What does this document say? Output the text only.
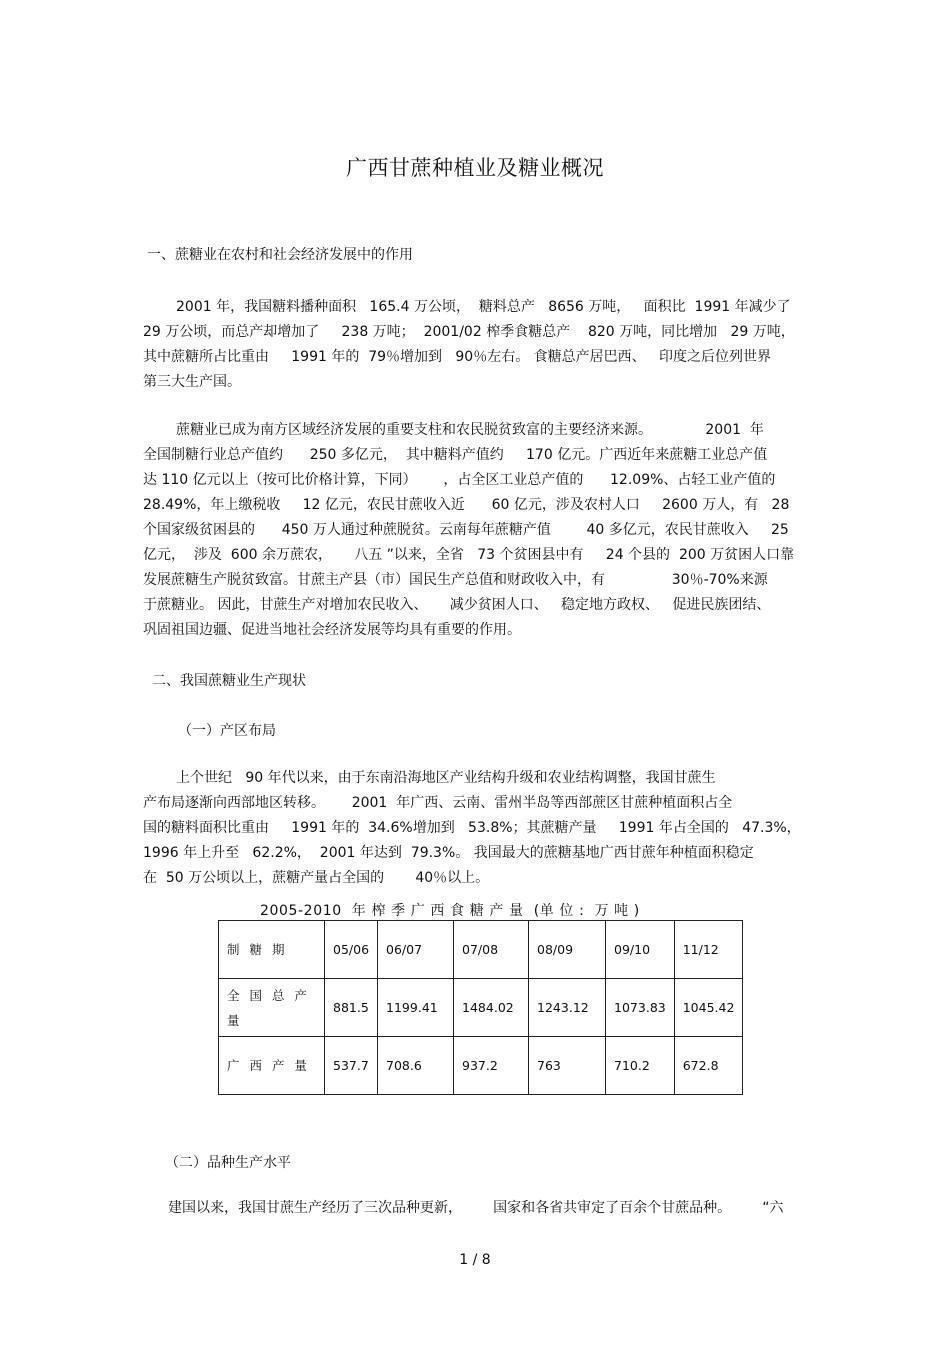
广西甘蔗种植业及糖业概况
一、蔗糖业在农村和社会经济发展中的作用
2001 年，我国糖料播种面积   165.4 万公顷，  糖料总产   8656 万吨，   面积比  1991 年减少了
29 万公顷，而总产却增加了     238 万吨；  2001/02 榨季食糖总产    820 万吨，同比增加   29 万吨，
其中蔗糖所占比重由     1991 年的  79％增加到   90％左右。 食糖总产居巴西、   印度之后位列世界
第三大生产国。
蔗糖业已成为南方区域经济发展的重要支柱和农民脱贫致富的主要经济来源。            2001  年
全国制糖行业总产值约      250 多亿元，  其中糖料产值约     170 亿元。广西近年来蔗糖工业总产值
达 110 亿元以上（按可比价格计算，下同）      ，占全区工业总产值的      12.09%、占轻工业产值的
28.49%，年上缴税收     12 亿元，农民甘蔗收入近      60 亿元，涉及农村人口     2600 万人，有   28
个国家级贫困县的      450 万人通过种蔗脱贫。云南每年蔗糖产值        40 多亿元，农民甘蔗收入     25
亿元，  涉及  600 余万蔗农，     八五 ”以来，全省   73 个贫困县中有     24 个县的  200 万贫困人口靠
发展蔗糖生产脱贫致富。甘蔗主产县（市）国民生产总值和财政收入中，有               30％-70%来源
于蔗糖业。 因此，甘蔗生产对增加农民收入、     减少贫困人口、   稳定地方政权、   促进民族团结、
巩固祖国边疆、促进当地社会经济发展等均具有重要的作用。
二、我国蔗糖业生产现状
（一）产区布局
上个世纪   90 年代以来，由于东南沿海地区产业结构升级和农业结构调整，我国甘蔗生
产布局逐渐向西部地区转移。      2001  年广西、云南、雷州半岛等西部蔗区甘蔗种植面积占全
国的糖料面积比重由     1991 年的  34.6%增加到   53.8%；其蔗糖产量     1991 年占全国的   47.3%，
1996 年上升至   62.2%，  2001 年达到  79.3%。 我国最大的蔗糖基地广西甘蔗年种植面积稳定
在  50 万公顷以上，蔗糖产量占全国的       40％以上。
2005-2010  年 榨 季 广 西 食 糖 产 量  (单 位 :  万 吨 )
制 糖 期	05/06	06/07	07/08	08/09	09/10	11/12
全 国 总 产 量	881.5	1199.41	1484.02	1243.12	1073.83	1045.42
广 西 产 量	537.7	708.6	937.2	763	710.2	672.8
（二）品种生产水平
建国以来，我国甘蔗生产经历了三次品种更新，       国家和各省共审定了百余个甘蔗品种。       “六
1 / 8
